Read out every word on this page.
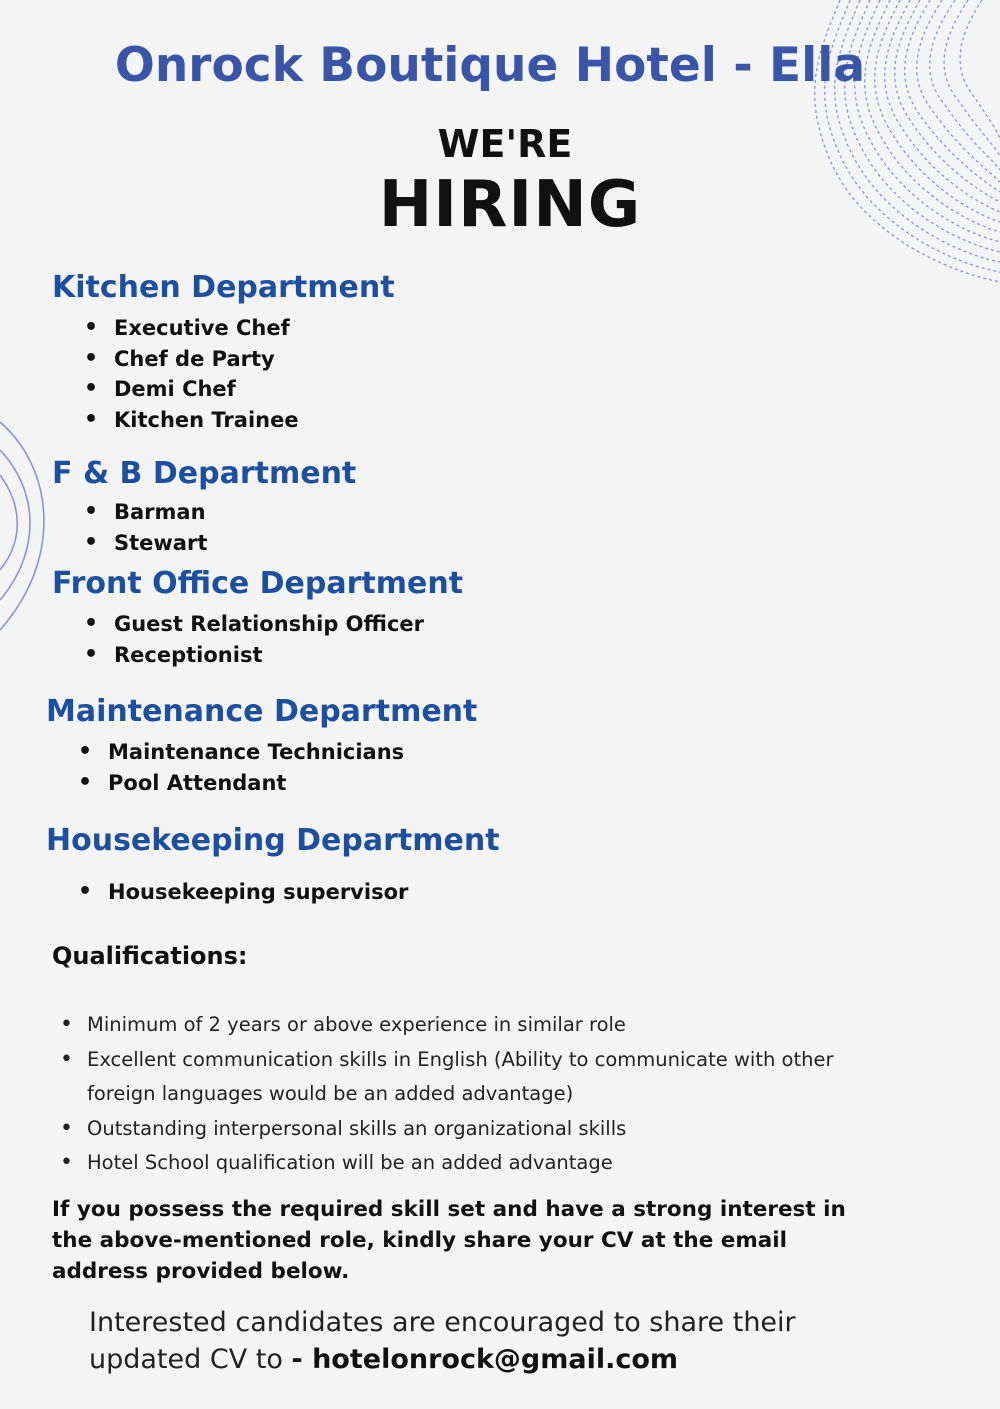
Onrock Boutique Hotel - Ella
WE'RE
HIRING
Kitchen Department
• Executive Chef
• Chef de Party
• Demi Chef
• Kitchen Trainee
F & B Department
• Barman
• Stewart
Front Office Department
• Guest Relationship Officer
• Receptionist
Maintenance Department
• Maintenance Technicians
• Pool Attendant
Housekeeping Department
• Housekeeping supervisor
Qualifications:
• Minimum of 2 years or above experience in similar role
• Excellent communication skills in English (Ability to communicate with other foreign languages would be an added advantage)
• Outstanding interpersonal skills an organizational skills
• Hotel School qualification will be an added advantage
If you possess the required skill set and have a strong interest in the above-mentioned role, kindly share your CV at the email address provided below.
Interested candidates are encouraged to share their updated CV to - hotelonrock@gmail.com
